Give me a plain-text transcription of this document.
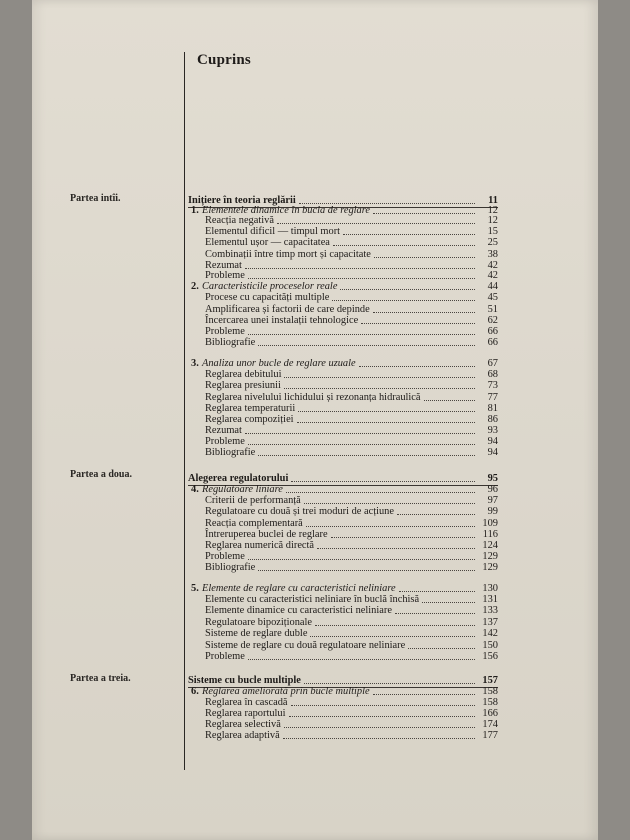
Cuprins
Partea intîi.
Partea a doua.
Partea a treia.
Inițiere în teoria reglării	11
1. Elementele dinamice în bucla de reglare	12
Reacția negativă	12
Elementul dificil — timpul mort	15
Elementul ușor — capacitatea	25
Combinații între timp mort și capacitate	38
Rezumat	42
Probleme	42
2. Caracteristicile proceselor reale	44
Procese cu capacități multiple	45
Amplificarea și factorii de care depinde	51
Încercarea unei instalații tehnologice	62
Probleme	66
Bibliografie	66
3. Analiza unor bucle de reglare uzuale	67
Reglarea debitului	68
Reglarea presiunii	73
Reglarea nivelului lichidului și rezonanța hidraulică	77
Reglarea temperaturii	81
Reglarea compoziției	86
Rezumat	93
Probleme	94
Bibliografie	94
Alegerea regulatorului	95
4. Regulatoare liniare	96
Criterii de performanță	97
Regulatoare cu două și trei moduri de acțiune	99
Reacția complementară	109
Întreruperea buclei de reglare	116
Reglarea numerică directă	124
Probleme	129
Bibliografie	129
5. Elemente de reglare cu caracteristici neliniare	130
Elemente cu caracteristici neliniare în buclă închisă	131
Elemente dinamice cu caracteristici neliniare	133
Regulatoare bipoziționale	137
Sisteme de reglare duble	142
Sisteme de reglare cu două regulatoare neliniare	150
Probleme	156
Sisteme cu bucle multiple	157
6. Reglarea ameliorată prin bucle multiple	158
Reglarea în cascadă	158
Reglarea raportului	166
Reglarea selectivă	174
Reglarea adaptivă	177
